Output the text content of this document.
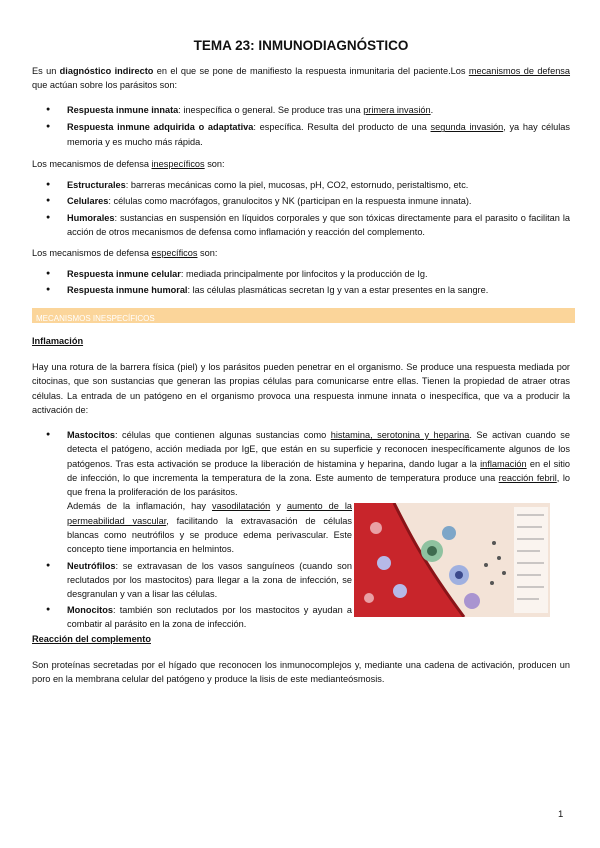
TEMA 23: INMUNODIAGNÓSTICO

Es un diagnóstico indirecto en el que se pone de manifiesto la respuesta inmunitaria del paciente.Los mecanismos de defensa que actúan sobre los parásitos son:

● Respuesta inmune innata: inespecífica o general. Se produce tras una primera invasión.
● Respuesta inmune adquirida o adaptativa: específica. Resulta del producto de una segunda invasión, ya hay células memoria y es mucho más rápida.

Los mecanismos de defensa inespecíficos son:

● Estructurales: barreras mecánicas como la piel, mucosas, pH, CO2, estornudo, peristaltismo, etc.
● Celulares: células como macrófagos, granulocitos y NK (participan en la respuesta inmune innata).
● Humorales: sustancias en suspensión en líquidos corporales y que son tóxicas directamente para el parasito o facilitan la acción de otros mecanismos de defensa como inflamación y reacción del complemento.

Los mecanismos de defensa específicos son:

● Respuesta inmune celular: mediada principalmente por linfocitos y la producción de Ig.
● Respuesta inmune humoral: las células plasmáticas secretan Ig y van a estar presentes en la sangre.
MECANISMOS INESPECÍFICOS
Inflamación

Hay una rotura de la barrera física (piel) y los parásitos pueden penetrar en el organismo. Se produce una respuesta mediada por citocinas, que son sustancias que generan las propias células para comunicarse entre ellas. Tienen la propiedad de atraer otras células. La entrada de un patógeno en el organismo provoca una respuesta inmune innata o inespecífica, que va a producir la activación de:

● Mastocitos: células que contienen algunas sustancias como histamina, serotonina y heparina. Se activan cuando se detecta el patógeno, acción mediada por IgE, que están en su superficie y reconocen inespecíficamente algunos de los patógenos. Tras esta activación se produce la liberación de histamina y heparina, dando lugar a la inflamación en el sitio de infección, lo que incrementa la temperatura de la zona. Este aumento de temperatura produce una reacción febril, lo que frena la proliferación de los parásitos.

Además de la inflamación, hay vasodilatación y aumento de la permeabilidad vascular, facilitando la extravasación de células blancas como neutrófilos y se produce edema perivascular. Este concepto tiene importancia en helmintos.
● Neutrófilos: se extravasan de los vasos sanguíneos (cuando son reclutados por los mastocitos) para llegar a la zona de infección, se desgranulan y van a lisar las células.
● Monocitos: también son reclutados por los mastocitos y ayudan a combatir al parásito en la zona de infección.
Reacción del complemento

Son proteínas secretadas por el hígado que reconocen los inmunocomplejos y, mediante una cadena de activación, producen un poro en la membrana celular del patógeno y produce la lisis de este medianteósmosis.

1
